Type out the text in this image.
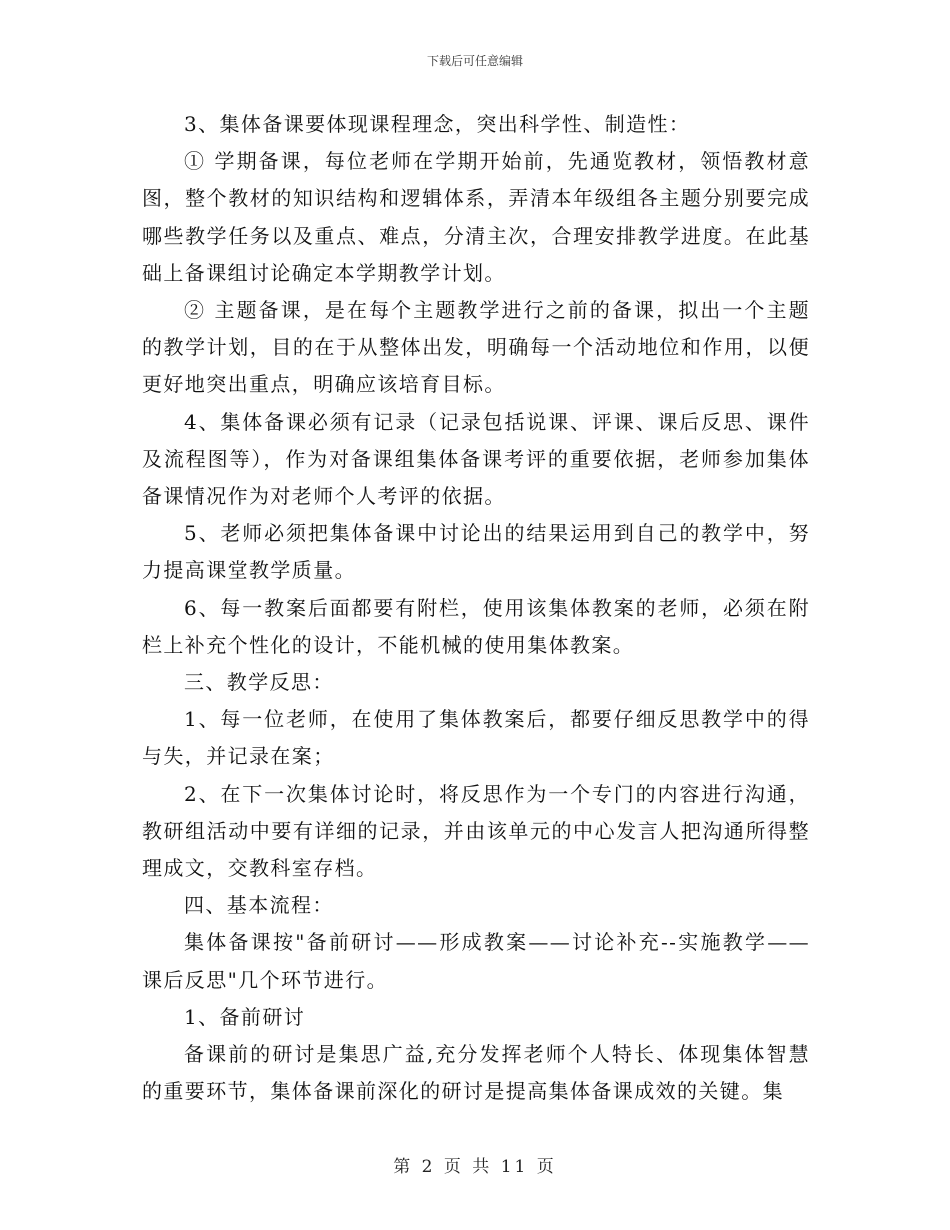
下载后可任意编辑

3、集体备课要体现课程理念，突出科学性、制造性：

① 学期备课，每位老师在学期开始前，先通览教材，领悟教材意图，整个教材的知识结构和逻辑体系，弄清本年级组各主题分别要完成哪些教学任务以及重点、难点，分清主次，合理安排教学进度。在此基础上备课组讨论确定本学期教学计划。

② 主题备课，是在每个主题教学进行之前的备课，拟出一个主题的教学计划，目的在于从整体出发，明确每一个活动地位和作用，以便更好地突出重点，明确应该培育目标。

4、集体备课必须有记录（记录包括说课、评课、课后反思、课件及流程图等），作为对备课组集体备课考评的重要依据，老师参加集体备课情况作为对老师个人考评的依据。

5、老师必须把集体备课中讨论出的结果运用到自己的教学中，努力提高课堂教学质量。

6、每一教案后面都要有附栏，使用该集体教案的老师，必须在附栏上补充个性化的设计，不能机械的使用集体教案。

三、教学反思：

1、每一位老师，在使用了集体教案后，都要仔细反思教学中的得与失，并记录在案；

2、在下一次集体讨论时，将反思作为一个专门的内容进行沟通，教研组活动中要有详细的记录，并由该单元的中心发言人把沟通所得整理成文，交教科室存档。

四、基本流程：

集体备课按"备前研讨——形成教案——讨论补充--实施教学——课后反思"几个环节进行。

1、备前研讨

备课前的研讨是集思广益,充分发挥老师个人特长、体现集体智慧的重要环节，集体备课前深化的研讨是提高集体备课成效的关键。集

第 2 页 共 11 页
